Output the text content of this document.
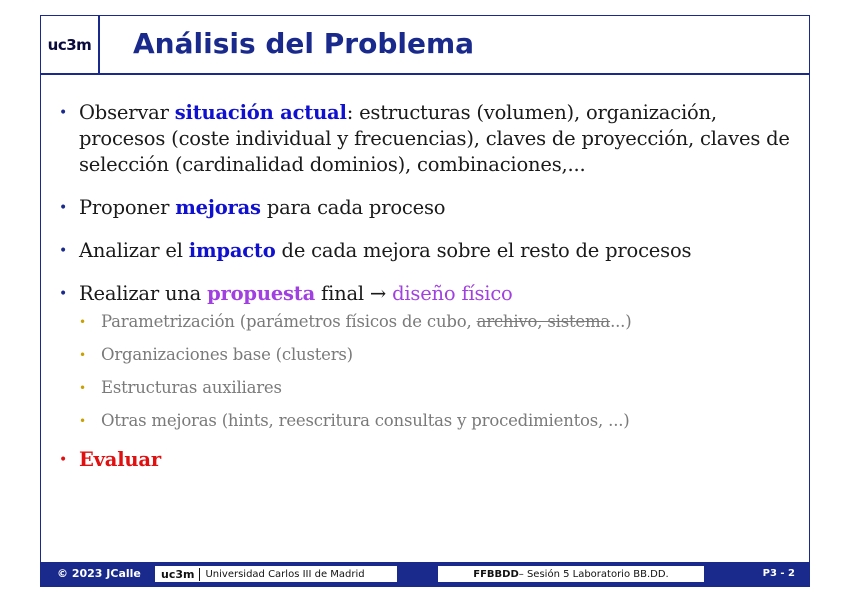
uc3m	Análisis del Problema
• Observar situación actual: estructuras (volumen), organización, procesos (coste individual y frecuencias), claves de proyección, claves de selección (cardinalidad dominios), combinaciones,...
• Proponer mejoras para cada proceso
• Analizar el impacto de cada mejora sobre el resto de procesos
• Realizar una propuesta final → diseño físico
• Parametrización (parámetros físicos de cubo, archivo, sistema...)
• Organizaciones base (clusters)
• Estructuras auxiliares
• Otras mejoras (hints, reescritura consultas y procedimientos, ...)
• Evaluar
© 2023 JCalle uc3m	Universidad Carlos III de Madrid	FFBBDD – Sesión 5 Laboratorio BB.DD.	P3 - 2
